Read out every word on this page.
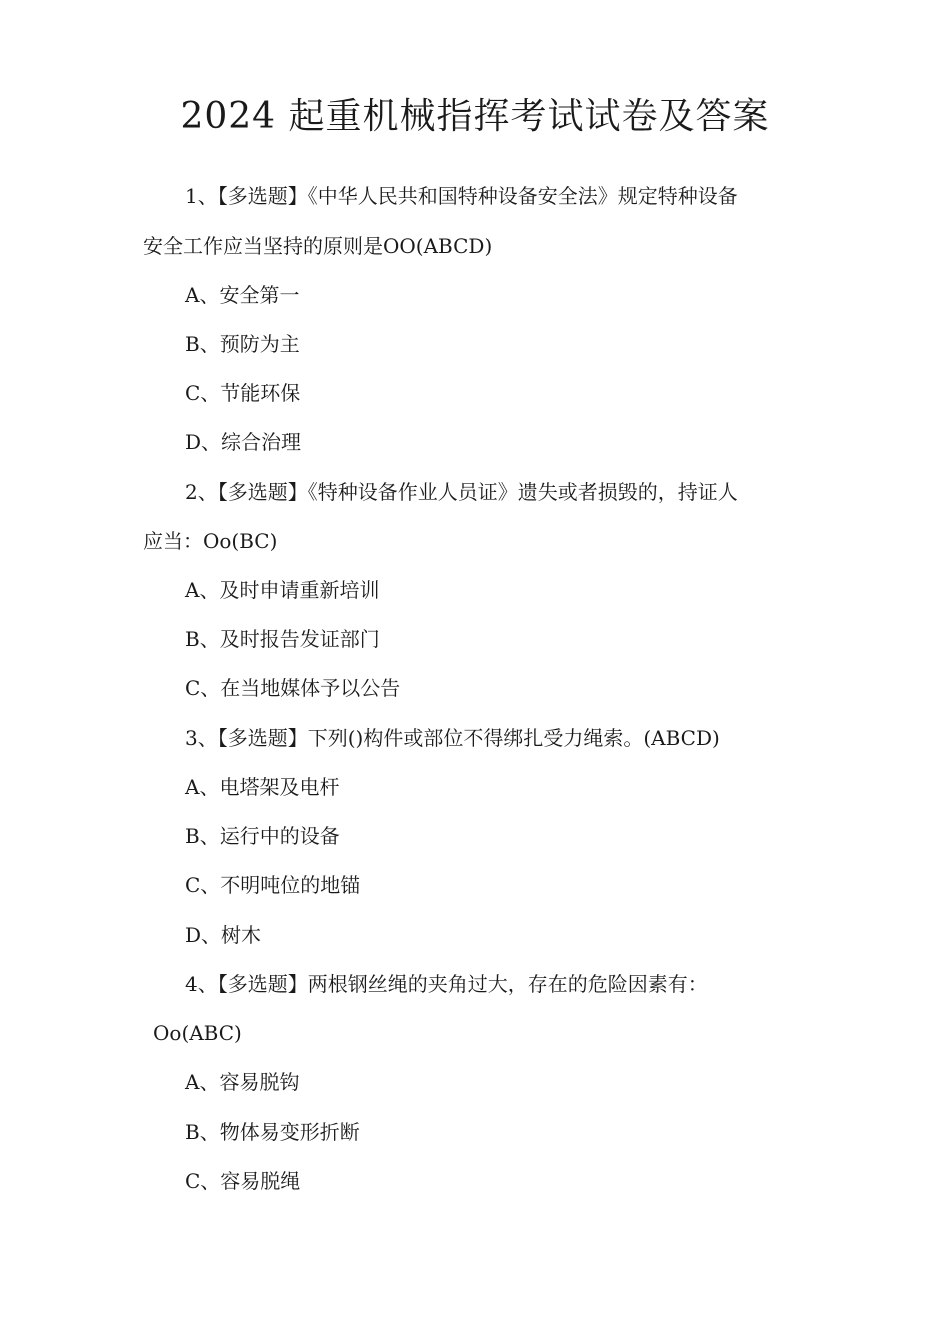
2024 起重机械指挥考试试卷及答案
1、【多选题】《中华人民共和国特种设备安全法》规定特种设备
安全工作应当坚持的原则是OO(ABCD)
A、安全第一
B、预防为主
C、节能环保
D、综合治理
2、【多选题】《特种设备作业人员证》遗失或者损毁的，持证人
应当：Oo(BC)
A、及时申请重新培训
B、及时报告发证部门
C、在当地媒体予以公告
3、【多选题】下列()构件或部位不得绑扎受力绳索。(ABCD)
A、电塔架及电杆
B、运行中的设备
C、不明吨位的地锚
D、树木
4、【多选题】两根钢丝绳的夹角过大，存在的危险因素有：
Oo(ABC)
A、容易脱钩
B、物体易变形折断
C、容易脱绳
